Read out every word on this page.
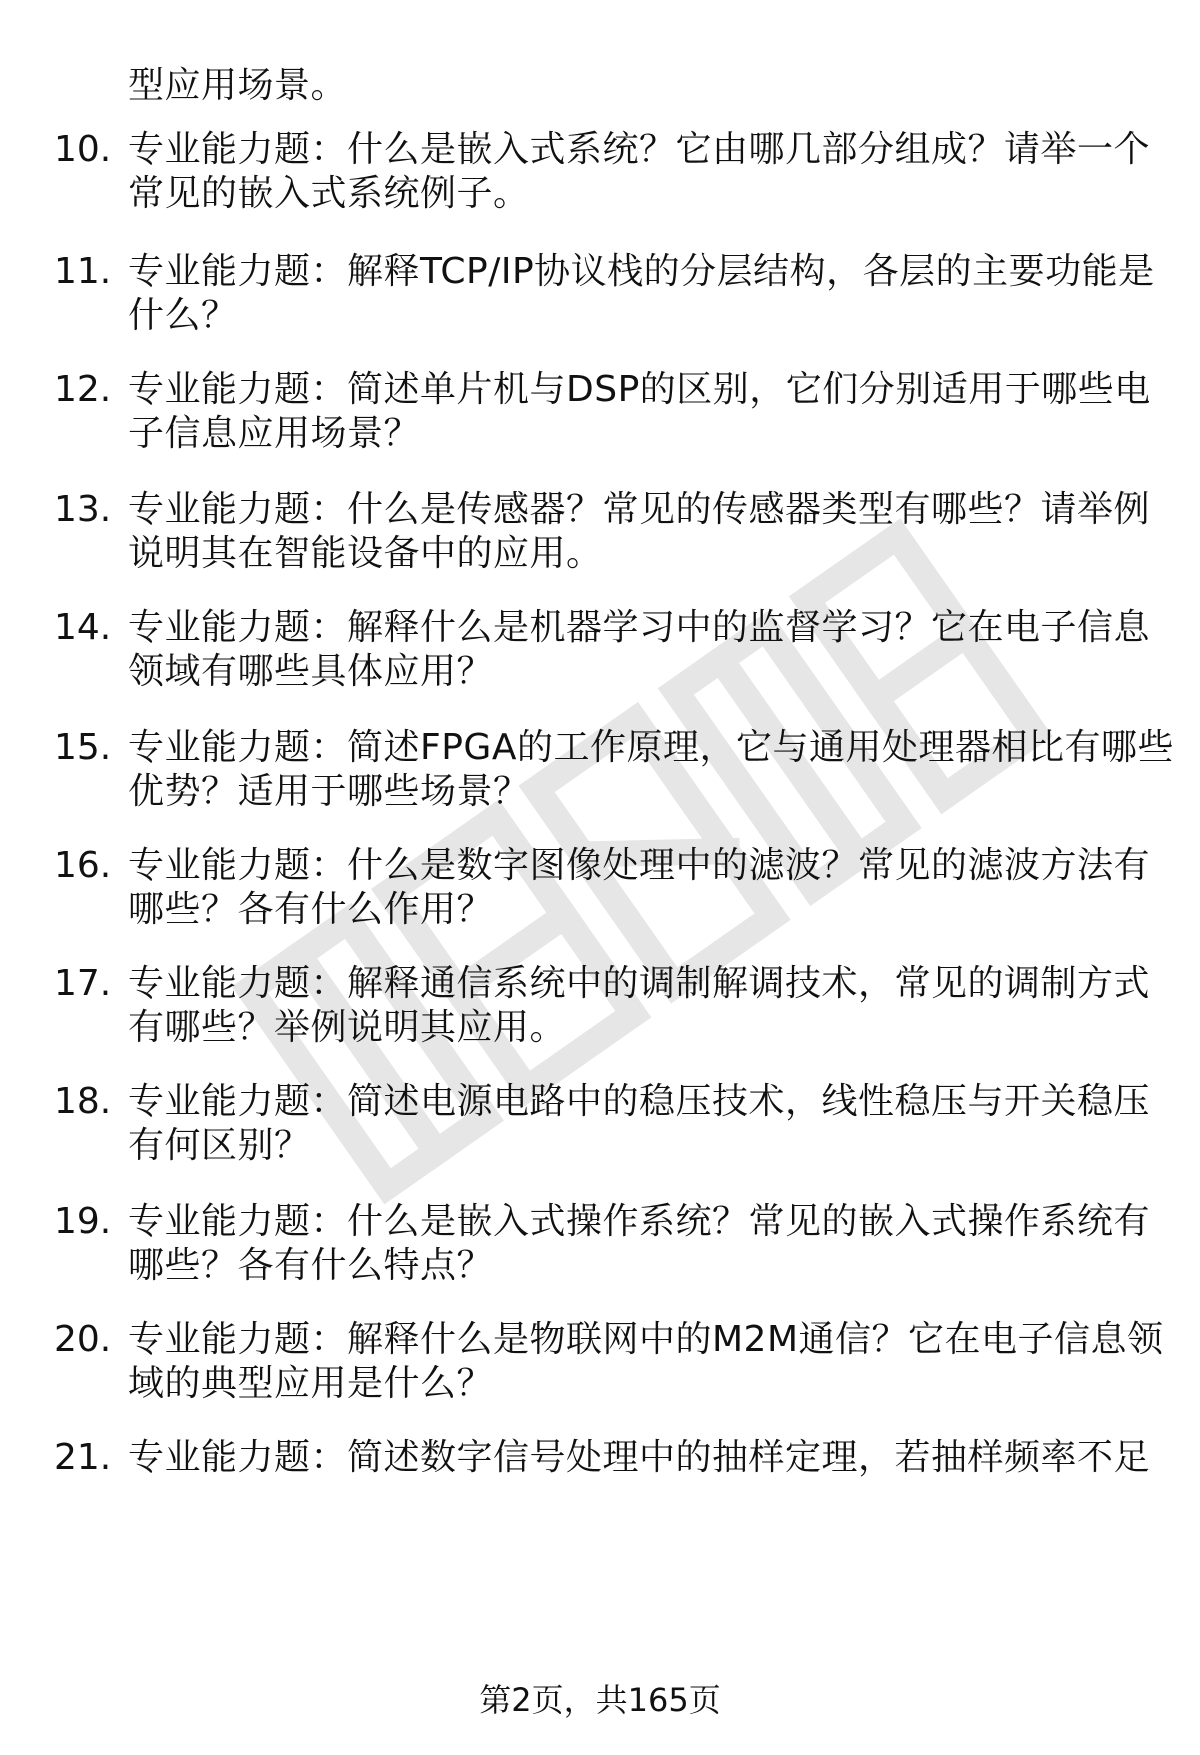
型应用场景。
10. 专业能力题：什么是嵌入式系统？它由哪几部分组成？请举一个
常见的嵌入式系统例子。
11. 专业能力题：解释TCP/IP协议栈的分层结构，各层的主要功能是
什么？
12. 专业能力题：简述单片机与DSP的区别，它们分别适用于哪些电
子信息应用场景？
13. 专业能力题：什么是传感器？常见的传感器类型有哪些？请举例
说明其在智能设备中的应用。
14. 专业能力题：解释什么是机器学习中的监督学习？它在电子信息
领域有哪些具体应用？
15. 专业能力题：简述FPGA的工作原理，它与通用处理器相比有哪些
优势？适用于哪些场景？
16. 专业能力题：什么是数字图像处理中的滤波？常见的滤波方法有
哪些？各有什么作用？
17. 专业能力题：解释通信系统中的调制解调技术，常见的调制方式
有哪些？举例说明其应用。
18. 专业能力题：简述电源电路中的稳压技术，线性稳压与开关稳压
有何区别？
19. 专业能力题：什么是嵌入式操作系统？常见的嵌入式操作系统有
哪些？各有什么特点？
20. 专业能力题：解释什么是物联网中的M2M通信？它在电子信息领
域的典型应用是什么？
21. 专业能力题：简述数字信号处理中的抽样定理，若抽样频率不足
第2页，共165页
